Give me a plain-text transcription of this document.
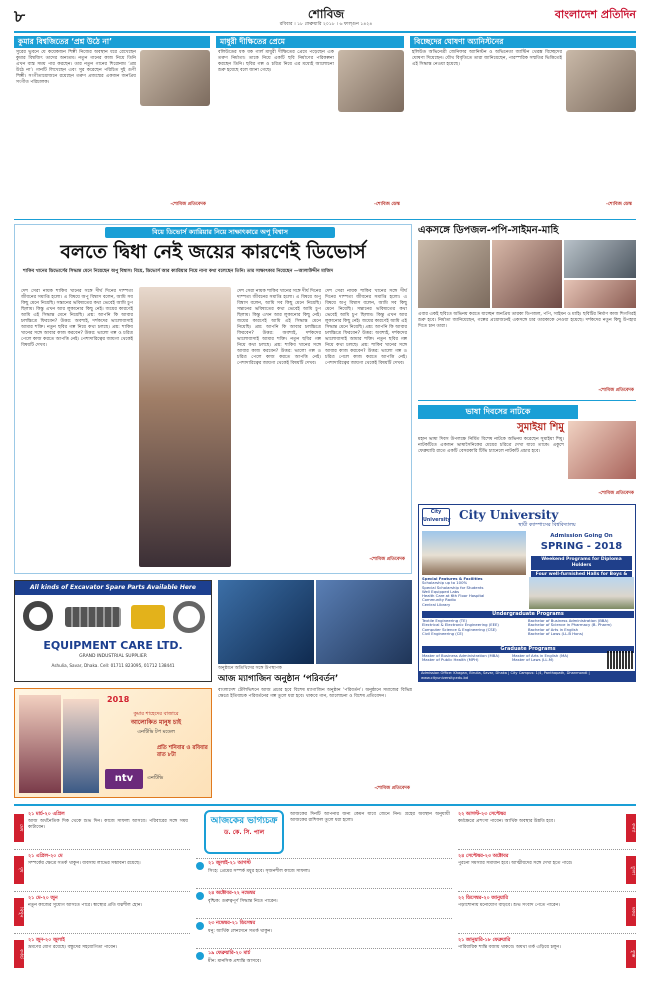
৮	শোবিজ
রবিবার । ১৮ ফেব্রুয়ারি ২০১৮ । ৬ ফাল্গুন ১৪২৪
বাংলাদেশ প্রতিদিন
কুমার বিশ্বজিতের ‘প্রশ্ন উঠে না’
সুরের ভুবনে যে কয়েকজন শিল্পী নিজের অবস্থান ধরে রেখেছেন কুমার বিশ্বজিৎ তাদের অন্যতম। নতুন গানের কাজ নিয়ে তিনি এখন ব্যস্ত সময় পার করছেন। তার নতুন গানের শিরোনাম ‘প্রশ্ন উঠে না’। গানটি লিখেছেন এবং সুর করেছেন পরিচিত দুই গুণী শিল্পী। সংগীতায়োজনে রয়েছেন তরুণ প্রজন্মের একজন জনপ্রিয় সংগীত পরিচালক।
-শোবিজ প্রতিবেদক
মাধুরী দীক্ষিতের প্রেমে
বলিউডের ধক ধক গার্ল মাধুরী দীক্ষিতের প্রেমে পড়েছেন এক তরুণ নির্মাতা। তাকে নিয়ে একটি ছবি নির্মাণের পরিকল্পনা করছেন তিনি। ছবির গল্প ও চরিত্র নিয়ে এর মধ্যেই আলোচনা শুরু হয়েছে বলে জানা গেছে।
-শোবিজ ডেস্ক
বিচ্ছেদের ঘোষণা অ্যানিস্টনের
হলিউড অভিনেত্রী জেনিফার অ্যানিস্টন ও অভিনেতা জাস্টিন থেরক্স বিচ্ছেদের ঘোষণা দিয়েছেন। যৌথ বিবৃতিতে তারা জানিয়েছেন, পারস্পরিক সম্মতির ভিত্তিতেই এই সিদ্ধান্ত নেওয়া হয়েছে।
-শোবিজ ডেস্ক
বিয়ে ডিভোর্স ক্যারিয়ার নিয়ে সাক্ষাৎকারে অপু বিশ্বাস
বলতে দ্বিধা নেই জয়ের কারণেই ডিভোর্স
শাকিব খানের ডিভোর্সের সিদ্ধান্ত মেনে নিয়েছেন অপু বিশ্বাস। বিয়ে, ডিভোর্স আর ক্যারিয়ার নিয়ে নানা কথা বলেছেন তিনি। তার সাক্ষাৎকার নিয়েছেন —আলাউদ্দীন মাজিদ
দেশ সেরা নায়ক শাকিব খানের সঙ্গে দীর্ঘ দিনের দাম্পত্য জীবনের সমাপ্তি হলো। এ বিষয়ে অপু বিশ্বাস বলেন, আমি সব কিছু মেনে নিয়েছি। সন্তানের ভবিষ্যতের কথা ভেবেই আমি চুপ ছিলাম। কিন্তু এখন আর লুকানোর কিছু নেই। জয়ের কারণেই আমি এই সিদ্ধান্ত মেনে নিয়েছি। প্রশ্ন: আপনি কি আবার চলচ্চিত্রে ফিরবেন? উত্তর: অবশ্যই, দর্শকদের ভালোবাসাই আমার শক্তি। নতুন ছবির গল্প নিয়ে কথা চলছে। প্রশ্ন: শাকিব খানের সঙ্গে আবার কাজ করবেন? উত্তর: ভালো গল্প ও চরিত্র পেলে কাজ করতে আপত্তি নেই। পেশাদারিত্বের জায়গা থেকেই বিষয়টি দেখব।
দেশ সেরা নায়ক শাকিব খানের সঙ্গে দীর্ঘ দিনের দাম্পত্য জীবনের সমাপ্তি হলো। এ বিষয়ে অপু বিশ্বাস বলেন, আমি সব কিছু মেনে নিয়েছি। সন্তানের ভবিষ্যতের কথা ভেবেই আমি চুপ ছিলাম। কিন্তু এখন আর লুকানোর কিছু নেই। জয়ের কারণেই আমি এই সিদ্ধান্ত মেনে নিয়েছি। প্রশ্ন: আপনি কি আবার চলচ্চিত্রে ফিরবেন? উত্তর: অবশ্যই, দর্শকদের ভালোবাসাই আমার শক্তি। নতুন ছবির গল্প নিয়ে কথা চলছে। প্রশ্ন: শাকিব খানের সঙ্গে আবার কাজ করবেন? উত্তর: ভালো গল্প ও চরিত্র পেলে কাজ করতে আপত্তি নেই। পেশাদারিত্বের জায়গা থেকেই বিষয়টি দেখব।
দেশ সেরা নায়ক শাকিব খানের সঙ্গে দীর্ঘ দিনের দাম্পত্য জীবনের সমাপ্তি হলো। এ বিষয়ে অপু বিশ্বাস বলেন, আমি সব কিছু মেনে নিয়েছি। সন্তানের ভবিষ্যতের কথা ভেবেই আমি চুপ ছিলাম। কিন্তু এখন আর লুকানোর কিছু নেই। জয়ের কারণেই আমি এই সিদ্ধান্ত মেনে নিয়েছি। প্রশ্ন: আপনি কি আবার চলচ্চিত্রে ফিরবেন? উত্তর: অবশ্যই, দর্শকদের ভালোবাসাই আমার শক্তি। নতুন ছবির গল্প নিয়ে কথা চলছে। প্রশ্ন: শাকিব খানের সঙ্গে আবার কাজ করবেন? উত্তর: ভালো গল্প ও চরিত্র পেলে কাজ করতে আপত্তি নেই। পেশাদারিত্বের জায়গা থেকেই বিষয়টি দেখব।
-শোবিজ প্রতিবেদক
একসঙ্গে ডিপজল-পপি-সাইমন-মাহি
এবার একই ছবিতে অভিনয় করতে যাচ্ছেন জনপ্রিয় তারকা ডিপজল, পপি, সাইমন ও মাহি। ছবিটির নির্মাণ কাজ শিগগিরই শুরু হবে। নির্মাতা জানিয়েছেন, গল্পের প্রয়োজনেই একসঙ্গে চার তারকাকে নেওয়া হয়েছে। দর্শকদের নতুন কিছু উপহার দিতে চান তারা।
-শোবিজ প্রতিবেদক
ভাষা দিবসের নাটকে
সুমাইয়া শিমু
মহান ভাষা দিবস উপলক্ষে নির্মিত বিশেষ নাটকে অভিনয় করেছেন সুমাইয়া শিমু। নাটকটিতে একজন ভাষাসৈনিকের মেয়ের চরিত্রে দেখা যাবে তাকে। একুশে ফেব্রুয়ারি রাতে একটি বেসরকারি টিভি চ্যানেলে নাটকটি প্রচার হবে।
-শোবিজ প্রতিবেদক
City University City University
স্থায়ী ক্যাম্পাসের বিশ্ববিদ্যালয়
Admission Going On
SPRING - 2018
Weekend Programs for Diploma Holders
Four well-furnished Halls for Boys &
Special Features & Facilities
Scholarship up to 100%
Special Scholarship for Students
Well Equipped Labs
Health Care at 6th Floor Hospital
Community Radio
Central Library
Undergraduate Programs
Textile Engineering (TE)
Electrical & Electronic Engineering (EEE)
Computer Science & Engineering (CSE)
Civil Engineering (CE)
Bachelor of Business Administration (BBA)
Bachelor of Science in Pharmacy (B. Pharm)
Bachelor of Arts in English
Bachelor of Laws (LL.B Hons)
Graduate Programs
Master of Business Administration (MBA)
Master of Public Health (MPH)
Master of Arts in English (MA)
Master of Laws (LL.M)
Admission Office: Khagan, Birulia, Savar, Dhaka | City Campus: 1/4, Panthapath, Dhanmondi | www.cityuniversity.edu.bd
All kinds of Excavator Spare Parts Available Here
EQUIPMENT CARE LTD.
GRAND INDUSTRIAL SUPPLIER
Ashulia, Savar, Dhaka. Cell: 01711 823095, 01712 138441
2018
কুমার শাহেদের বাজারে
আলোকিত মানুষ চাই
এনটিভি টপ মডেল
প্রতি শনিবার ও রবিবার রাত ৮টা
ntv	এনটিভি
অনুষ্ঠানে অতিথিদের সঙ্গে উপস্থাপক
আজ ম্যাগাজিন অনুষ্ঠান ‘পরিবর্তন’
বাংলাদেশ টেলিভিশনে আজ প্রচার হবে বিশেষ ম্যাগাজিন অনুষ্ঠান ‘পরিবর্তন’। অনুষ্ঠানে সমাজের বিভিন্ন ক্ষেত্রে ইতিবাচক পরিবর্তনের গল্প তুলে ধরা হবে। থাকবে গান, আলোচনা ও বিশেষ প্রতিবেদন।
-শোবিজ প্রতিবেদক
মেষ
২১ মার্চ-২০ এপ্রিল
আজ অর্থনৈতিক দিক থেকে শুভ দিন। কাজে সাফল্য আসবে। পরিবারের সঙ্গে সময় কাটাবেন।
বৃষ
২১ এপ্রিল-২০ মে
সম্পর্কের ক্ষেত্রে সতর্ক থাকুন। ব্যবসায় লাভের সম্ভাবনা রয়েছে।
মিথুন
২১ মে-২০ জুন
নতুন কাজের সুযোগ আসতে পারে। স্বাস্থ্যের প্রতি যত্নশীল হোন।
কর্কট
২১ জুন-২০ জুলাই
ভ্রমণের যোগ রয়েছে। বন্ধুদের সহযোগিতা পাবেন।
আজকের ভাগ্যচক্র
ড. কে. সি. পাল
আজকের দিনটি আপনার জন্য কেমন যাবে জেনে নিন। গ্রহের অবস্থান অনুযায়ী আজকের রাশিফল তুলে ধরা হলো।
২১ জুলাই-২১ আগস্ট
সিংহ: প্রেমের সম্পর্ক মধুর হবে। সৃজনশীল কাজে সাফল্য।
২৪ অক্টোবর-২২ নভেম্বর
বৃশ্চিক: গুরুত্বপূর্ণ সিদ্ধান্ত নিতে পারেন।
২৩ নভেম্বর-২১ ডিসেম্বর
ধনু: আর্থিক লেনদেনে সতর্ক থাকুন।
১৯ ফেব্রুয়ারি-২০ মার্চ
মীন: মানসিক প্রশান্তি আসবে।
কন্যা
২২ আগস্ট-২৩ সেপ্টেম্বর
কর্মক্ষেত্রে প্রশংসা পাবেন। আর্থিক অবস্থার উন্নতি হবে।
তুলা
২৪ সেপ্টেম্বর-২৩ অক্টোবর
পুরনো সমস্যার সমাধান হবে। আত্মীয়দের সঙ্গে দেখা হতে পারে।
মকর
২২ ডিসেম্বর-২০ জানুয়ারি
পড়াশোনায় মনোযোগ বাড়বে। শুভ সংবাদ পেতে পারেন।
কুম্ভ
২১ জানুয়ারি-১৮ ফেব্রুয়ারি
পারিবারিক শান্তি বজায় থাকবে। অযথা তর্ক এড়িয়ে চলুন।
